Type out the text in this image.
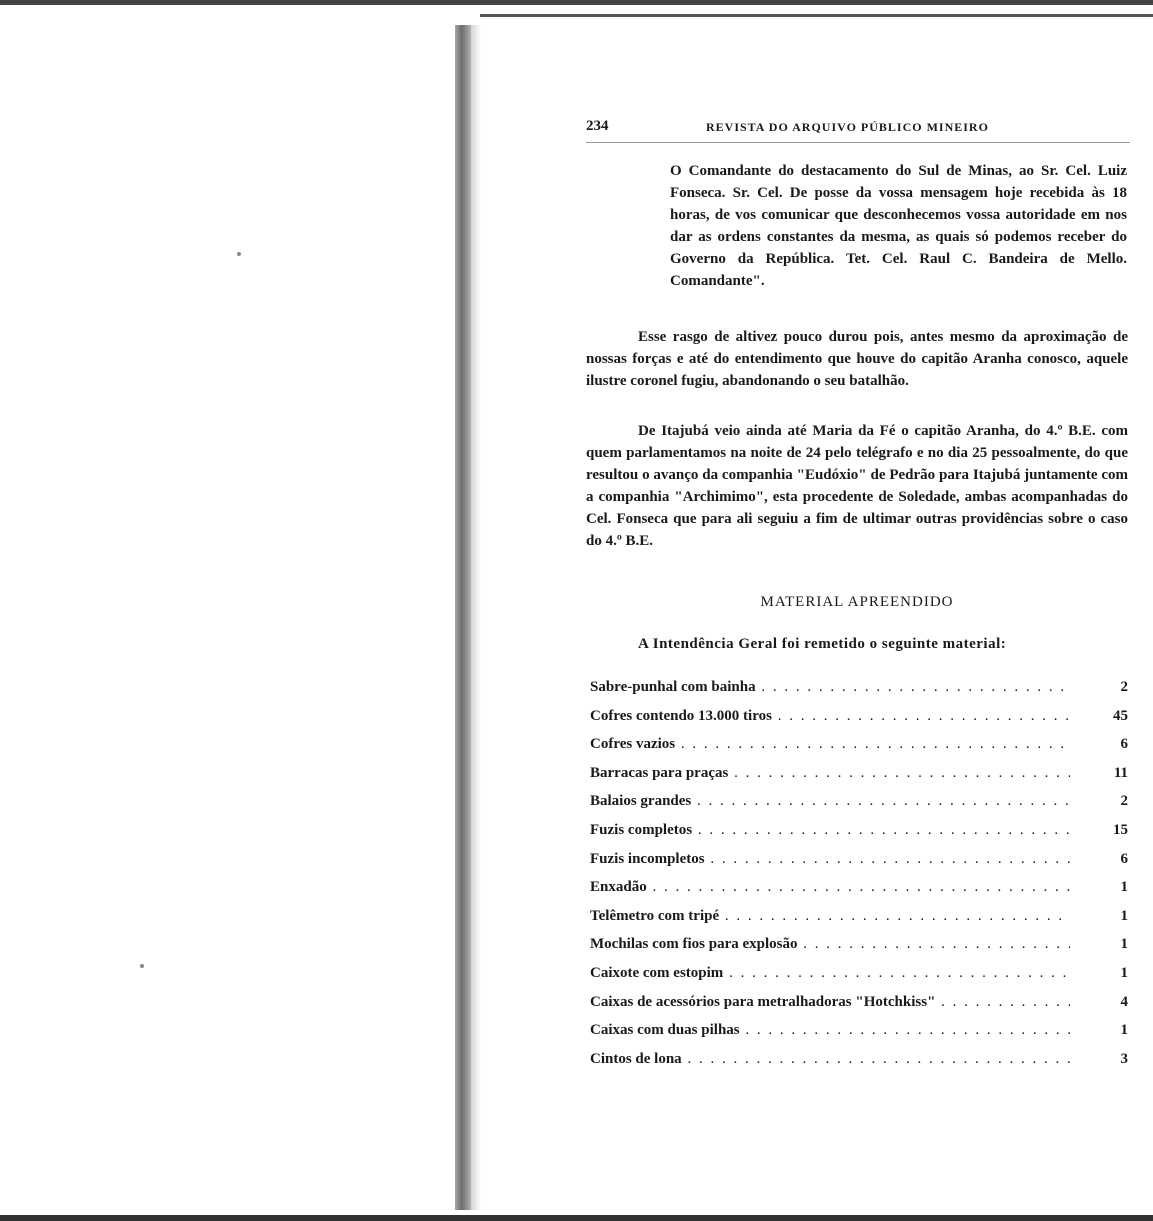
234	REVISTA DO ARQUIVO PÚBLICO MINEIRO
O Comandante do destacamento do Sul de Minas, ao Sr. Cel. Luiz Fonseca. Sr. Cel. De posse da vossa mensagem hoje recebida às 18 horas, de vos comunicar que desconhecemos vossa autoridade em nos dar as ordens constantes da mesma, as quais só podemos receber do Governo da República. Tet. Cel. Raul C. Bandeira de Mello. Comandante".
Esse rasgo de altivez pouco durou pois, antes mesmo da aproximação de nossas forças e até do entendimento que houve do capitão Aranha conosco, aquele ilustre coronel fugiu, abandonando o seu batalhão.
De Itajubá veio ainda até Maria da Fé o capitão Aranha, do 4.º B.E. com quem parlamentamos na noite de 24 pelo telégrafo e no dia 25 pessoalmente, do que resultou o avanço da companhia "Eudóxio" de Pedrão para Itajubá juntamente com a companhia "Archimimo", esta procedente de Soledade, ambas acompanhadas do Cel. Fonseca que para ali seguiu a fim de ultimar outras providências sobre o caso do 4.º B.E.
MATERIAL APREENDIDO
A Intendência Geral foi remetido o seguinte material:
Sabre-punhal com bainha . . .	2
Cofres contendo 13.000 tiros . . .	45
Cofres vazios . . .	6
Barracas para praças . . .	11
Balaios grandes . . .	2
Fuzis completos . . .	15
Fuzis incompletos . . .	6
Enxadão . . .	1
Telêmetro com tripé . . .	1
Mochilas com fios para explosão . . .	1
Caixote com estopim . . .	1
Caixas de acessórios para metralhadoras "Hotchkiss" . . .	4
Caixas com duas pilhas . . .	1
Cintos de lona . . .	3
